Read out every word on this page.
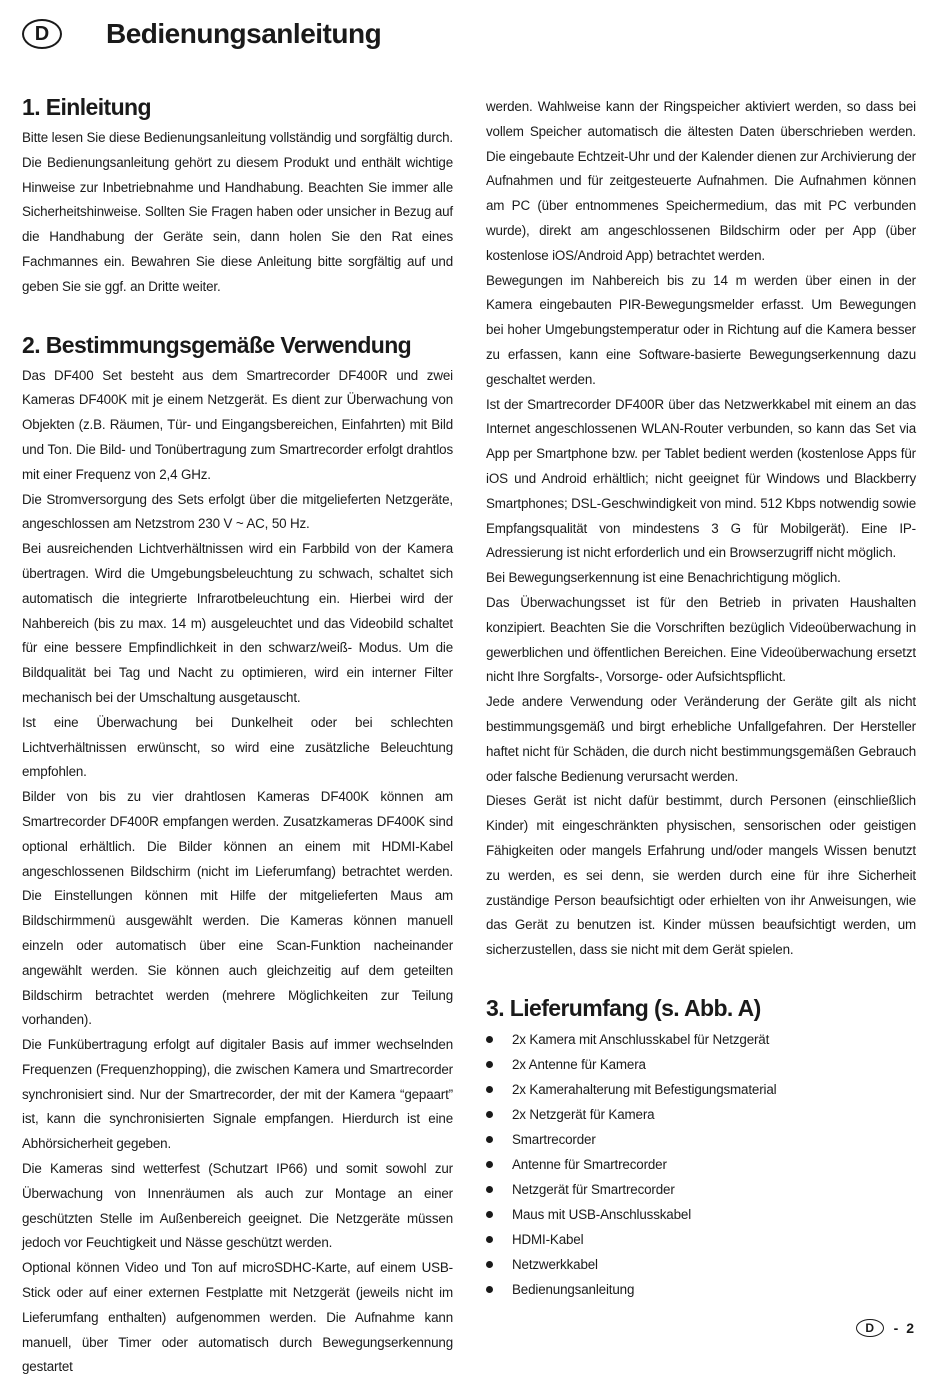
D	Bedienungsanleitung
1. Einleitung

Bitte lesen Sie diese Bedienungsanleitung vollständig und sorgfältig durch. Die Bedienungsanleitung gehört zu diesem Produkt und enthält wichtige Hinweise zur Inbetriebnahme und Handhabung. Beachten Sie immer alle Sicherheitshinweise. Sollten Sie Fragen haben oder unsicher in Bezug auf die Handhabung der Geräte sein, dann holen Sie den Rat eines Fachmannes ein. Bewahren Sie diese Anleitung bitte sorgfältig auf und geben Sie sie ggf. an Dritte weiter.

2. Bestimmungsgemäße Verwendung

Das DF400 Set besteht aus dem Smartrecorder DF400R und zwei Kameras DF400K mit je einem Netzgerät. Es dient zur Überwachung von Objekten (z.B. Räumen, Tür- und Eingangsbereichen, Einfahrten) mit Bild und Ton. Die Bild- und Tonübertragung zum Smartrecorder erfolgt drahtlos mit einer Frequenz von 2,4 GHz.

Die Stromversorgung des Sets erfolgt über die mitgelieferten Netzgeräte, angeschlossen am Netzstrom 230 V ~ AC, 50 Hz.

Bei ausreichenden Lichtverhältnissen wird ein Farbbild von der Kamera übertragen. Wird die Umgebungsbeleuchtung zu schwach, schaltet sich automatisch die integrierte Infrarotbeleuchtung ein. Hierbei wird der Nahbereich (bis zu max. 14 m) ausgeleuchtet und das Videobild schaltet für eine bessere Empfindlichkeit in den schwarz/weiß- Modus. Um die Bildqualität bei Tag und Nacht zu optimieren, wird ein interner Filter mechanisch bei der Umschaltung ausgetauscht.

Ist eine Überwachung bei Dunkelheit oder bei schlechten Lichtverhältnissen erwünscht, so wird eine zusätzliche Beleuchtung empfohlen.

Bilder von bis zu vier drahtlosen Kameras DF400K können am Smartrecorder DF400R empfangen werden. Zusatzkameras DF400K sind optional erhältlich. Die Bilder können an einem mit HDMI-Kabel angeschlossenen Bildschirm (nicht im Lieferumfang) betrachtet werden. Die Einstellungen können mit Hilfe der mitgelieferten Maus am Bildschirmmenü ausgewählt werden. Die Kameras können manuell einzeln oder automatisch über eine Scan-Funktion nacheinander angewählt werden. Sie können auch gleichzeitig auf dem geteilten Bildschirm betrachtet werden (mehrere Möglichkeiten zur Teilung vorhanden).

Die Funkübertragung erfolgt auf digitaler Basis auf immer wechselnden Frequenzen (Frequenzhopping), die zwischen Kamera und Smartrecorder synchronisiert sind. Nur der Smartrecorder, der mit der Kamera “gepaart” ist, kann die synchronisierten Signale empfangen. Hierdurch ist eine Abhörsicherheit gegeben.

Die Kameras sind wetterfest (Schutzart IP66) und somit sowohl zur Überwachung von Innenräumen als auch zur Montage an einer geschützten Stelle im Außenbereich geeignet. Die Netzgeräte müssen jedoch vor Feuchtigkeit und Nässe geschützt werden.

Optional können Video und Ton auf microSDHC-Karte, auf einem USB-Stick oder auf einer externen Festplatte mit Netzgerät (jeweils nicht im Lieferumfang enthalten) aufgenommen werden. Die Aufnahme kann manuell, über Timer oder automatisch durch Bewegungserkennung gestartet

werden. Wahlweise kann der Ringspeicher aktiviert werden, so dass bei vollem Speicher automatisch die ältesten Daten überschrieben werden. Die eingebaute Echtzeit-Uhr und der Kalender dienen zur Archivierung der Aufnahmen und für zeitgesteuerte Aufnahmen. Die Aufnahmen können am PC (über entnommenes Speichermedium, das mit PC verbunden wurde), direkt am angeschlossenen Bildschirm oder per App (über kostenlose iOS/Android App) betrachtet werden.

Bewegungen im Nahbereich bis zu 14 m werden über einen in der Kamera eingebauten PIR-Bewegungsmelder erfasst. Um Bewegungen bei hoher Umgebungstemperatur oder in Richtung auf die Kamera besser zu erfassen, kann eine Software-basierte Bewegungserkennung dazu geschaltet werden.

Ist der Smartrecorder DF400R über das Netzwerkkabel mit einem an das Internet angeschlossenen WLAN-Router verbunden, so kann das Set via App per Smartphone bzw. per Tablet bedient werden (kostenlose Apps für iOS und Android erhältlich; nicht geeignet für Windows und Blackberry Smartphones; DSL-Geschwindigkeit von mind. 512 Kbps notwendig sowie Empfangsqualität von mindestens 3 G für Mobilgerät). Eine IP-Adressierung ist nicht erforderlich und ein Browserzugriff nicht möglich.

Bei Bewegungserkennung ist eine Benachrichtigung möglich.

Das Überwachungsset ist für den Betrieb in privaten Haushalten konzipiert. Beachten Sie die Vorschriften bezüglich Videoüberwachung in gewerblichen und öffentlichen Bereichen. Eine Videoüberwachung ersetzt nicht Ihre Sorgfalts-, Vorsorge- oder Aufsichtspflicht.

Jede andere Verwendung oder Veränderung der Geräte gilt als nicht bestimmungsgemäß und birgt erhebliche Unfallgefahren. Der Hersteller haftet nicht für Schäden, die durch nicht bestimmungsgemäßen Gebrauch oder falsche Bedienung verursacht werden.

Dieses Gerät ist nicht dafür bestimmt, durch Personen (einschließlich Kinder) mit eingeschränkten physischen, sensorischen oder geistigen Fähigkeiten oder mangels Erfahrung und/oder mangels Wissen benutzt zu werden, es sei denn, sie werden durch eine für ihre Sicherheit zuständige Person beaufsichtigt oder erhielten von ihr Anweisungen, wie das Gerät zu benutzen ist. Kinder müssen beaufsichtigt werden, um sicherzustellen, dass sie nicht mit dem Gerät spielen.

3. Lieferumfang (s. Abb. A)
2x Kamera mit Anschlusskabel für Netzgerät
2x Antenne für Kamera
2x Kamerahalterung mit Befestigungsmaterial
2x Netzgerät für Kamera
Smartrecorder
Antenne für Smartrecorder
Netzgerät für Smartrecorder
Maus mit USB-Anschlusskabel
HDMI-Kabel
Netzwerkkabel
Bedienungsanleitung
D	- 2
